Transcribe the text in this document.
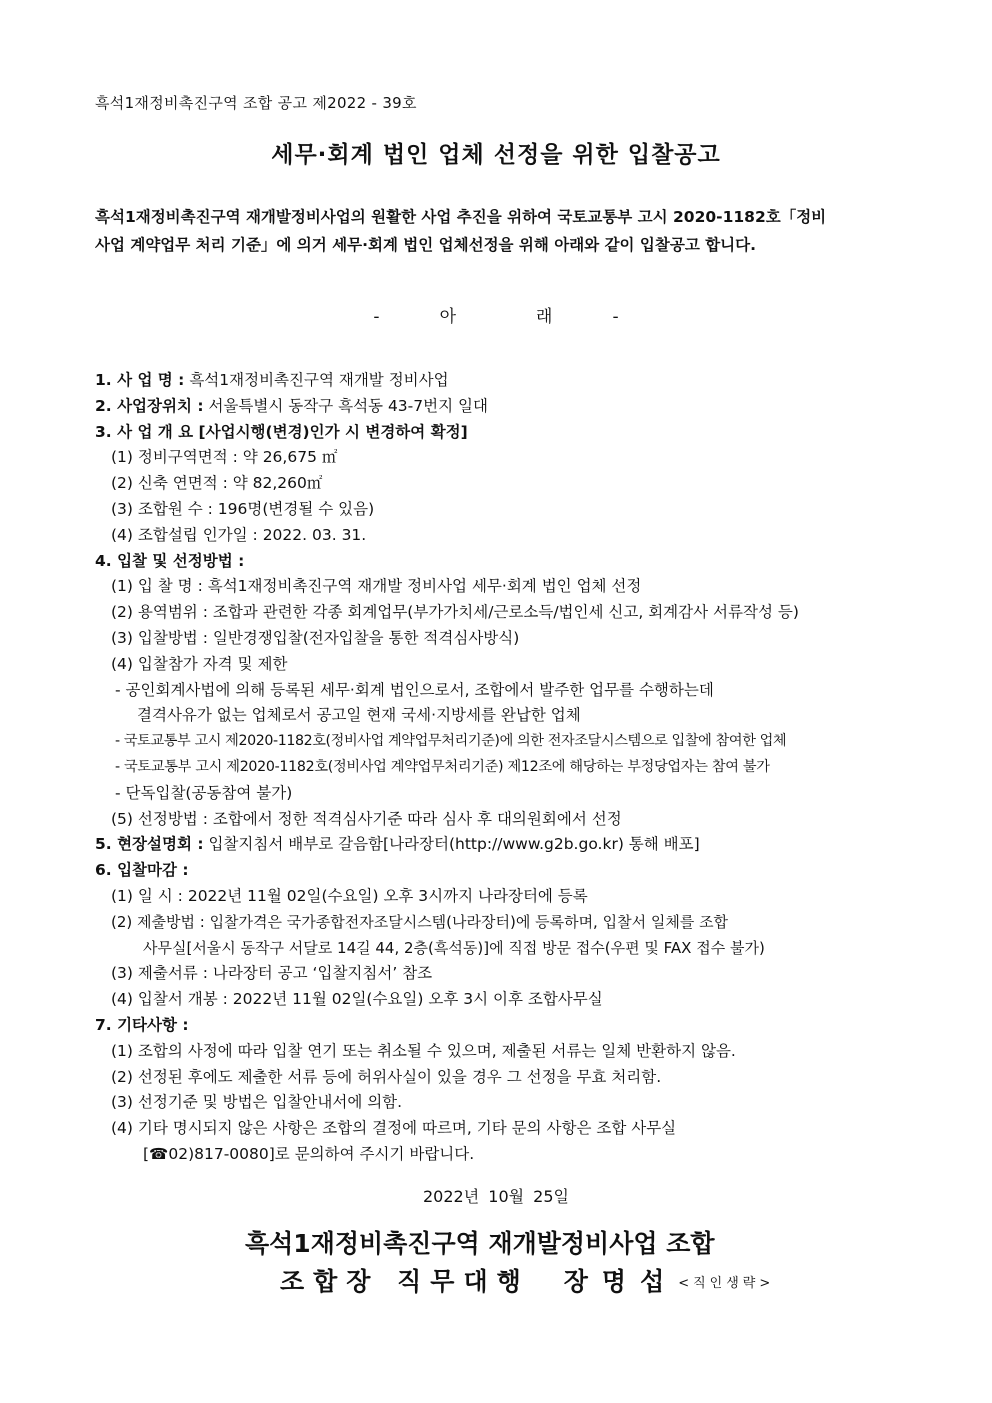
흑석1재정비촉진구역 조합 공고 제2022 - 39호
세무·회계 법인 업체 선정을 위한 입찰공고
흑석1재정비촉진구역 재개발정비사업의 원활한 사업 추진을 위하여 국토교통부 고시 2020-1182호「정비
사업 계약업무 처리 기준」에 의거 세무·회계 법인 업체선정을 위해 아래와 같이 입찰공고 합니다.
-	아	래	-
1. 사 업 명 : 흑석1재정비촉진구역 재개발 정비사업
2. 사업장위치 : 서울특별시 동작구 흑석동 43-7번지 일대
3. 사 업 개 요 [사업시행(변경)인가 시 변경하여 확정]
(1) 정비구역면적 : 약 26,675 ㎡
(2) 신축 연면적 : 약 82,260㎡
(3) 조합원 수 : 196명(변경될 수 있음)
(4) 조합설립 인가일 : 2022. 03. 31.
4. 입찰 및 선정방법 :
(1) 입 찰 명 : 흑석1재정비촉진구역 재개발 정비사업 세무·회계 법인 업체 선정
(2) 용역범위 : 조합과 관련한 각종 회계업무(부가가치세/근로소득/법인세 신고, 회계감사 서류작성 등)
(3) 입찰방법 : 일반경쟁입찰(전자입찰을 통한 적격심사방식)
(4) 입찰참가 자격 및 제한
- 공인회계사법에 의해 등록된 세무·회계 법인으로서, 조합에서 발주한 업무를 수행하는데
결격사유가 없는 업체로서 공고일 현재 국세·지방세를 완납한 업체
- 국토교통부 고시 제2020-1182호(정비사업 계약업무처리기준)에 의한 전자조달시스템으로 입찰에 참여한 업체
- 국토교통부 고시 제2020-1182호(정비사업 계약업무처리기준) 제12조에 해당하는 부정당업자는 참여 불가
- 단독입찰(공동참여 불가)
(5) 선정방법 : 조합에서 정한 적격심사기준 따라 심사 후 대의원회에서 선정
5. 현장설명회 : 입찰지침서 배부로 갈음함[나라장터(http://www.g2b.go.kr) 통해 배포]
6. 입찰마감 :
(1) 일 시 : 2022년 11월 02일(수요일) 오후 3시까지 나라장터에 등록
(2) 제출방법 : 입찰가격은 국가종합전자조달시스템(나라장터)에 등록하며, 입찰서 일체를 조합
사무실[서울시 동작구 서달로 14길 44, 2층(흑석동)]에 직접 방문 접수(우편 및 FAX 접수 불가)
(3) 제출서류 : 나라장터 공고 ‘입찰지침서’ 참조
(4) 입찰서 개봉 : 2022년 11월 02일(수요일) 오후 3시 이후 조합사무실
7. 기타사항 :
(1) 조합의 사정에 따라 입찰 연기 또는 취소될 수 있으며, 제출된 서류는 일체 반환하지 않음.
(2) 선정된 후에도 제출한 서류 등에 허위사실이 있을 경우 그 선정을 무효 처리함.
(3) 선정기준 및 방법은 입찰안내서에 의함.
(4) 기타 명시되지 않은 사항은 조합의 결정에 따르며, 기타 문의 사항은 조합 사무실
[☎02)817-0080]로 문의하여 주시기 바랍니다.
2022년 10월 25일
흑석1재정비촉진구역 재개발정비사업 조합
조합장 직무대행 장명섭<직인생략>
